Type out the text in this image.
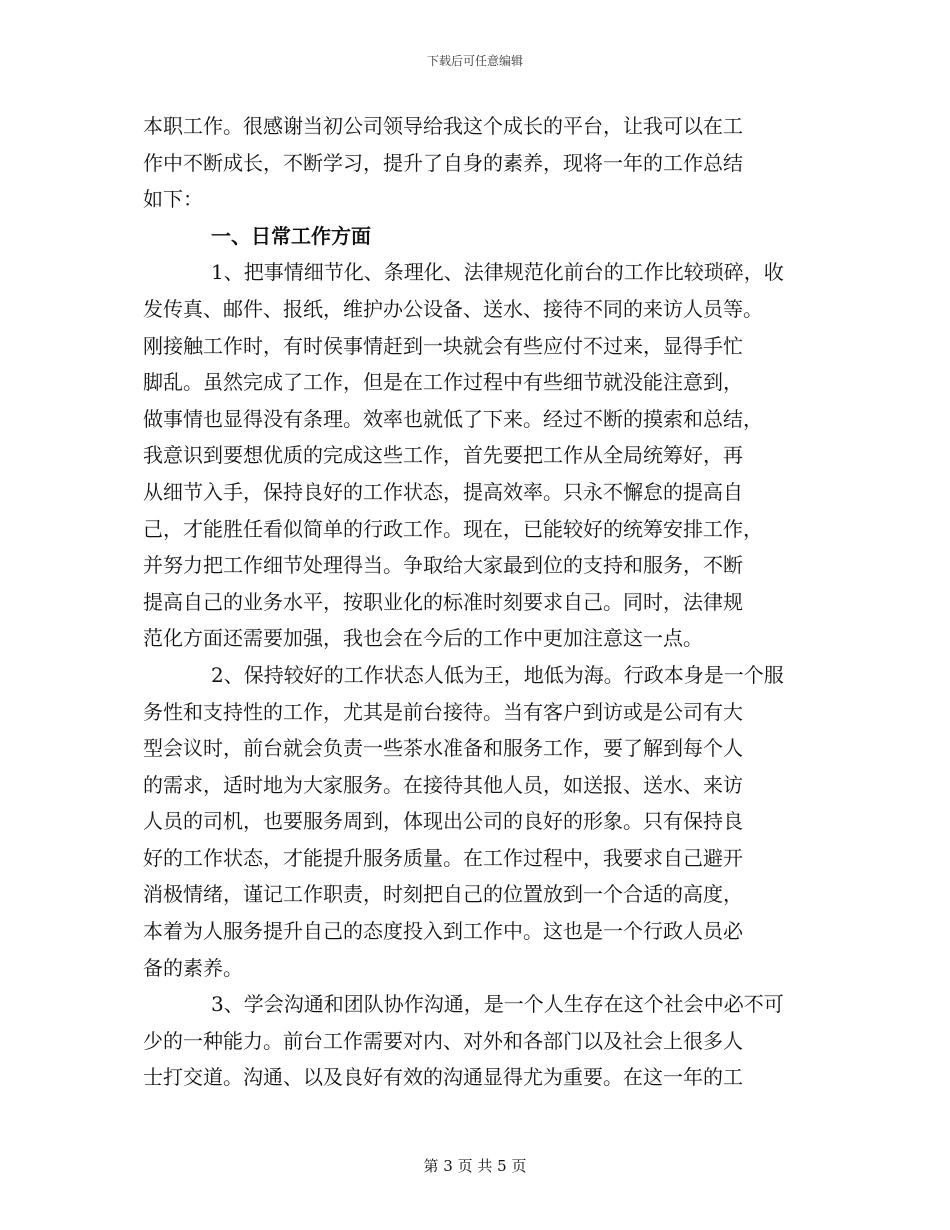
下载后可任意编辑

本职工作。很感谢当初公司领导给我这个成长的平台，让我可以在工

作中不断成长，不断学习，提升了自身的素养，现将一年的工作总结

如下：

一、日常工作方面

1、把事情细节化、条理化、法律规范化前台的工作比较琐碎，收

发传真、邮件、报纸，维护办公设备、送水、接待不同的来访人员等。

刚接触工作时，有时侯事情赶到一块就会有些应付不过来，显得手忙

脚乱。虽然完成了工作，但是在工作过程中有些细节就没能注意到，

做事情也显得没有条理。效率也就低了下来。经过不断的摸索和总结，

我意识到要想优质的完成这些工作，首先要把工作从全局统筹好，再

从细节入手，保持良好的工作状态，提高效率。只永不懈怠的提高自

己，才能胜任看似简单的行政工作。现在，已能较好的统筹安排工作，

并努力把工作细节处理得当。争取给大家最到位的支持和服务，不断

提高自己的业务水平，按职业化的标准时刻要求自己。同时，法律规

范化方面还需要加强，我也会在今后的工作中更加注意这一点。

2、保持较好的工作状态人低为王，地低为海。行政本身是一个服

务性和支持性的工作，尤其是前台接待。当有客户到访或是公司有大

型会议时，前台就会负责一些茶水准备和服务工作，要了解到每个人

的需求，适时地为大家服务。在接待其他人员，如送报、送水、来访

人员的司机，也要服务周到，体现出公司的良好的形象。只有保持良

好的工作状态，才能提升服务质量。在工作过程中，我要求自己避开

消极情绪，谨记工作职责，时刻把自己的位置放到一个合适的高度，

本着为人服务提升自己的态度投入到工作中。这也是一个行政人员必

备的素养。

3、学会沟通和团队协作沟通，是一个人生存在这个社会中必不可

少的一种能力。前台工作需要对内、对外和各部门以及社会上很多人

士打交道。沟通、以及良好有效的沟通显得尤为重要。在这一年的工

第 3 页 共 5 页
